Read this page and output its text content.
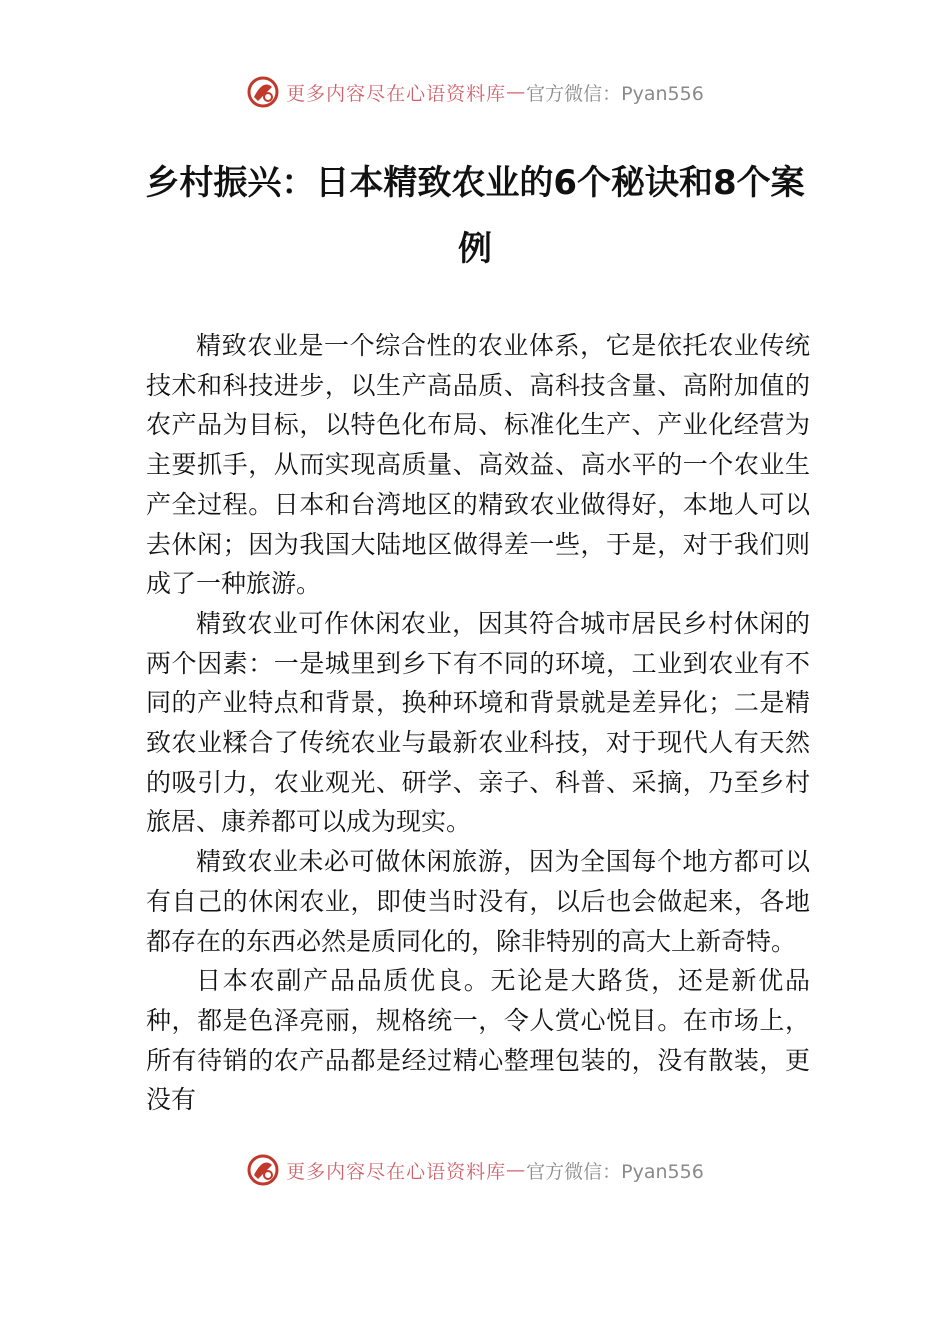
更多内容尽在心语资料库 — 官方微信：Pyan556
乡村振兴：日本精致农业的6个秘诀和8个案例

精致农业是一个综合性的农业体系，它是依托农业传统技术和科技进步，以生产高品质、高科技含量、高附加值的农产品为目标，以特色化布局、标准化生产、产业化经营为主要抓手，从而实现高质量、高效益、高水平的一个农业生产全过程。日本和台湾地区的精致农业做得好，本地人可以去休闲；因为我国大陆地区做得差一些，于是，对于我们则成了一种旅游。

精致农业可作休闲农业，因其符合城市居民乡村休闲的两个因素：一是城里到乡下有不同的环境，工业到农业有不同的产业特点和背景，换种环境和背景就是差异化；二是精致农业糅合了传统农业与最新农业科技，对于现代人有天然的吸引力，农业观光、研学、亲子、科普、采摘，乃至乡村旅居、康养都可以成为现实。

精致农业未必可做休闲旅游，因为全国每个地方都可以有自己的休闲农业，即使当时没有，以后也会做起来，各地都存在的东西必然是质同化的，除非特别的高大上新奇特。

日本农副产品品质优良。无论是大路货，还是新优品种，都是色泽亮丽，规格统一，令人赏心悦目。在市场上，所有待销的农产品都是经过精心整理包装的，没有散装，更没有

更多内容尽在心语资料库 — 官方微信：Pyan556
